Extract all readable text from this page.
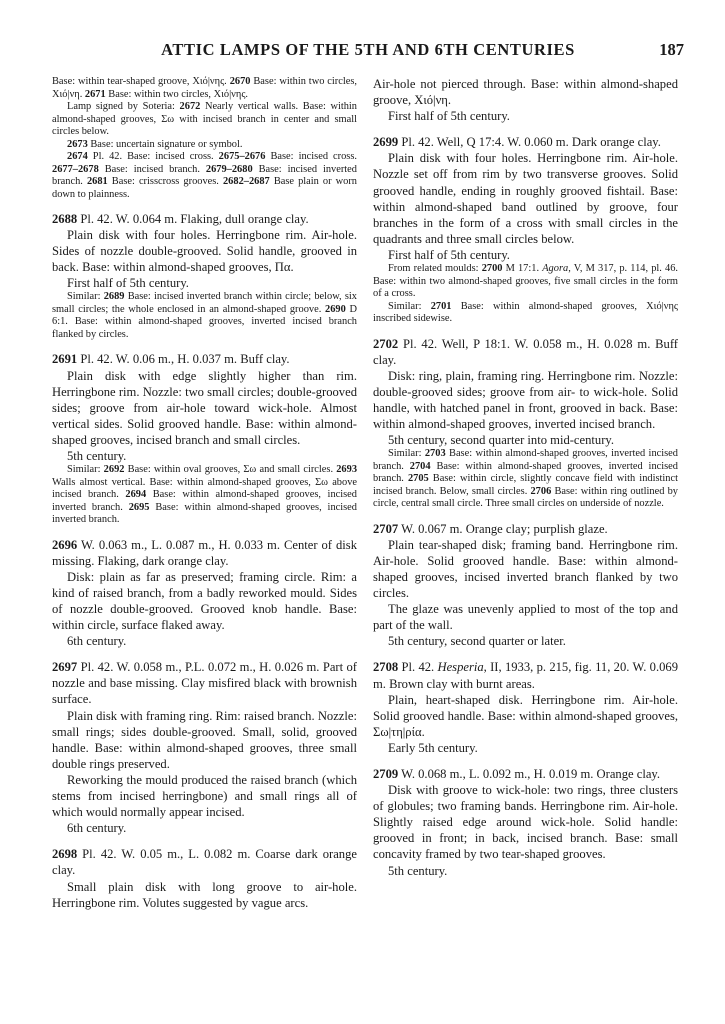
ATTIC LAMPS OF THE 5TH AND 6TH CENTURIES	187

Base: within tear-shaped groove, Χιό|νης. 2670 Base: within two circles, Χιό|νη. 2671 Base: within two circles, Χιό|νης.

Lamp signed by Soteria: 2672 Nearly vertical walls. Base: within almond-shaped grooves, Σω with incised branch in center and small circles below.

2673 Base: uncertain signature or symbol.

2674 Pl. 42. Base: incised cross. 2675–2676 Base: incised cross. 2677–2678 Base: incised branch. 2679–2680 Base: incised inverted branch. 2681 Base: crisscross grooves. 2682–2687 Base plain or worn down to plainness.

2688 Pl. 42. W. 0.064 m. Flaking, dull orange clay.

Plain disk with four holes. Herringbone rim. Air-hole. Sides of nozzle double-grooved. Solid handle, grooved in back. Base: within almond-shaped grooves, Πα.

First half of 5th century.

Similar: 2689 Base: incised inverted branch within circle; below, six small circles; the whole enclosed in an almond-shaped groove. 2690 D 6:1. Base: within almond-shaped grooves, inverted incised branch flanked by circles.

2691 Pl. 42. W. 0.06 m., H. 0.037 m. Buff clay.

Plain disk with edge slightly higher than rim. Herringbone rim. Nozzle: two small circles; double-grooved sides; groove from air-hole toward wick-hole. Almost vertical sides. Solid grooved handle. Base: within almond-shaped grooves, incised branch and small circles.

5th century.

Similar: 2692 Base: within oval grooves, Σω and small circles. 2693 Walls almost vertical. Base: within almond-shaped grooves, Σω above incised branch. 2694 Base: within almond-shaped grooves, incised inverted branch. 2695 Base: within almond-shaped grooves, incised inverted branch.

2696 W. 0.063 m., L. 0.087 m., H. 0.033 m. Center of disk missing. Flaking, dark orange clay.

Disk: plain as far as preserved; framing circle. Rim: a kind of raised branch, from a badly reworked mould. Sides of nozzle double-grooved. Grooved knob handle. Base: within circle, surface flaked away.

6th century.

2697 Pl. 42. W. 0.058 m., P.L. 0.072 m., H. 0.026 m. Part of nozzle and base missing. Clay misfired black with brownish surface.

Plain disk with framing ring. Rim: raised branch. Nozzle: small rings; sides double-grooved. Small, solid, grooved handle. Base: within almond-shaped grooves, three small double rings preserved.

Reworking the mould produced the raised branch (which stems from incised herringbone) and small rings all of which would normally appear incised.

6th century.

2698 Pl. 42. W. 0.05 m., L. 0.082 m. Coarse dark orange clay.

Small plain disk with long groove to air-hole. Herringbone rim. Volutes suggested by vague arcs.

Air-hole not pierced through. Base: within almond-shaped groove, Χιό|νη.

First half of 5th century.

2699 Pl. 42. Well, Q 17:4. W. 0.060 m. Dark orange clay.

Plain disk with four holes. Herringbone rim. Air-hole. Nozzle set off from rim by two transverse grooves. Solid grooved handle, ending in roughly grooved fishtail. Base: within almond-shaped band outlined by groove, four branches in the form of a cross with small circles in the quadrants and three small circles below.

First half of 5th century.

From related moulds: 2700 M 17:1. Agora, V, M 317, p. 114, pl. 46. Base: within two almond-shaped grooves, five small circles in the form of a cross.

Similar: 2701 Base: within almond-shaped grooves, Χιό|νης inscribed sidewise.

2702 Pl. 42. Well, P 18:1. W. 0.058 m., H. 0.028 m. Buff clay.

Disk: ring, plain, framing ring. Herringbone rim. Nozzle: double-grooved sides; groove from air- to wick-hole. Solid handle, with hatched panel in front, grooved in back. Base: within almond-shaped grooves, inverted incised branch.

5th century, second quarter into mid-century.

Similar: 2703 Base: within almond-shaped grooves, inverted incised branch. 2704 Base: within almond-shaped grooves, inverted incised branch. 2705 Base: within circle, slightly concave field with indistinct incised branch. Below, small circles. 2706 Base: within ring outlined by circle, central small circle. Three small circles on underside of nozzle.

2707 W. 0.067 m. Orange clay; purplish glaze.

Plain tear-shaped disk; framing band. Herringbone rim. Air-hole. Solid grooved handle. Base: within almond-shaped grooves, incised inverted branch flanked by two circles.

The glaze was unevenly applied to most of the top and part of the wall.

5th century, second quarter or later.

2708 Pl. 42. Hesperia, II, 1933, p. 215, fig. 11, 20. W. 0.069 m. Brown clay with burnt areas.

Plain, heart-shaped disk. Herringbone rim. Air-hole. Solid grooved handle. Base: within almond-shaped grooves, Σω|τη|ρία.

Early 5th century.

2709 W. 0.068 m., L. 0.092 m., H. 0.019 m. Orange clay.

Disk with groove to wick-hole: two rings, three clusters of globules; two framing bands. Herringbone rim. Air-hole. Slightly raised edge around wick-hole. Solid handle: grooved in front; in back, incised branch. Base: small concavity framed by two tear-shaped grooves.

5th century.
